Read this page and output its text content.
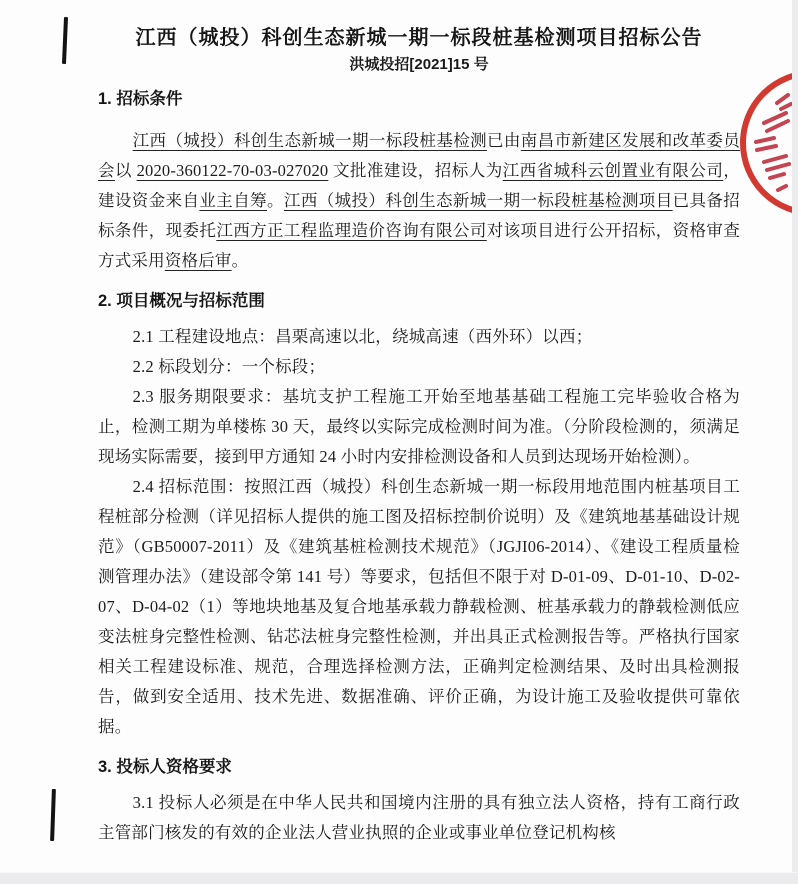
江西（城投）科创生态新城一期一标段桩基检测项目招标公告
洪城投招[2021]15 号
1. 招标条件

江西（城投）科创生态新城一期一标段桩基检测已由南昌市新建区发展和改革委员会以 2020-360122-70-03-027020 文批准建设，招标人为江西省城科云创置业有限公司，建设资金来自业主自筹。江西（城投）科创生态新城一期一标段桩基检测项目已具备招标条件，现委托江西方正工程监理造价咨询有限公司对该项目进行公开招标，资格审查方式采用资格后审。

2. 项目概况与招标范围

2.1 工程建设地点：昌栗高速以北，绕城高速（西外环）以西；

2.2 标段划分：一个标段；

2.3 服务期限要求：基坑支护工程施工开始至地基基础工程施工完毕验收合格为止，检测工期为单楼栋 30 天，最终以实际完成检测时间为准。（分阶段检测的，须满足现场实际需要，接到甲方通知 24 小时内安排检测设备和人员到达现场开始检测）。

2.4 招标范围：按照江西（城投）科创生态新城一期一标段用地范围内桩基项目工程桩部分检测（详见招标人提供的施工图及招标控制价说明）及《建筑地基基础设计规范》（GB50007-2011）及《建筑基桩检测技术规范》（JGJI06-2014）、《建设工程质量检测管理办法》（建设部令第 141 号）等要求，包括但不限于对 D-01-09、D-01-10、D-02-07、D-04-02（1）等地块地基及复合地基承载力静载检测、桩基承载力的静载检测低应变法桩身完整性检测、钻芯法桩身完整性检测，并出具正式检测报告等。严格执行国家相关工程建设标准、规范，合理选择检测方法，正确判定检测结果、及时出具检测报告，做到安全适用、技术先进、数据准确、评价正确，为设计施工及验收提供可靠依据。

3. 投标人资格要求

3.1 投标人必须是在中华人民共和国境内注册的具有独立法人资格，持有工商行政主管部门核发的有效的企业法人营业执照的企业或事业单位登记机构核
